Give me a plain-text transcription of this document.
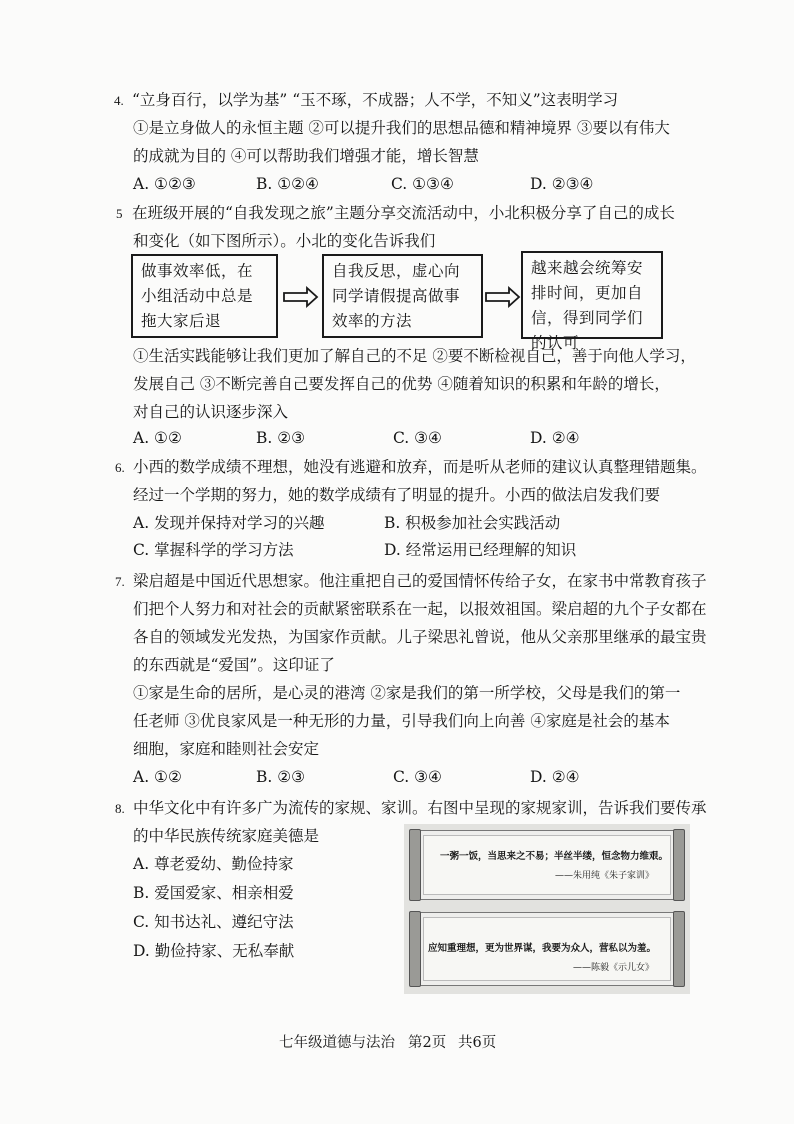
4. “立身百行，以学为基” “玉不琢，不成器；人不学，不知义”这表明学习
①是立身做人的永恒主题 ②可以提升我们的思想品德和精神境界 ③要以有伟大
的成就为目的 ④可以帮助我们增强才能，增长智慧
A. ①②③	B. ①②④	C. ①③④	D. ②③④
5 在班级开展的“自我发现之旅”主题分享交流活动中，小北积极分享了自己的成长
和变化（如下图所示）。小北的变化告诉我们
做事效率低，在小组活动中总是拖大家后退
自我反思，虚心向同学请假提高做事效率的方法
越来越会统筹安排时间，更加自信，得到同学们的认可
①生活实践能够让我们更加了解自己的不足 ②要不断检视自己，善于向他人学习，
发展自己 ③不断完善自己要发挥自己的优势 ④随着知识的积累和年龄的增长，
对自己的认识逐步深入
A. ①②	B. ②③	C. ③④	D. ②④
6. 小西的数学成绩不理想，她没有逃避和放弃，而是听从老师的建议认真整理错题集。
经过一个学期的努力，她的数学成绩有了明显的提升。小西的做法启发我们要
A. 发现并保持对学习的兴趣	B. 积极参加社会实践活动
C. 掌握科学的学习方法	D. 经常运用已经理解的知识
7. 梁启超是中国近代思想家。他注重把自己的爱国情怀传给子女，在家书中常教育孩子
们把个人努力和对社会的贡献紧密联系在一起，以报效祖国。梁启超的九个子女都在
各自的领域发光发热，为国家作贡献。儿子梁思礼曾说，他从父亲那里继承的最宝贵
的东西就是“爱国”。这印证了
①家是生命的居所，是心灵的港湾 ②家是我们的第一所学校，父母是我们的第一
任老师 ③优良家风是一种无形的力量，引导我们向上向善 ④家庭是社会的基本
细胞，家庭和睦则社会安定
A. ①②	B. ②③	C. ③④	D. ②④
8. 中华文化中有许多广为流传的家规、家训。右图中呈现的家规家训，告诉我们要传承
的中华民族传统家庭美德是
A. 尊老爱幼、勤俭持家
B. 爱国爱家、相亲相爱
C. 知书达礼、遵纪守法
D. 勤俭持家、无私奉献
一粥一饭，当思来之不易；半丝半缕，恒念物力维艰。
——朱用纯《朱子家训》
应知重理想，更为世界谋，我要为众人，营私以为羞。
——陈毅《示儿女》
七年级道德与法治 第2页 共6页
